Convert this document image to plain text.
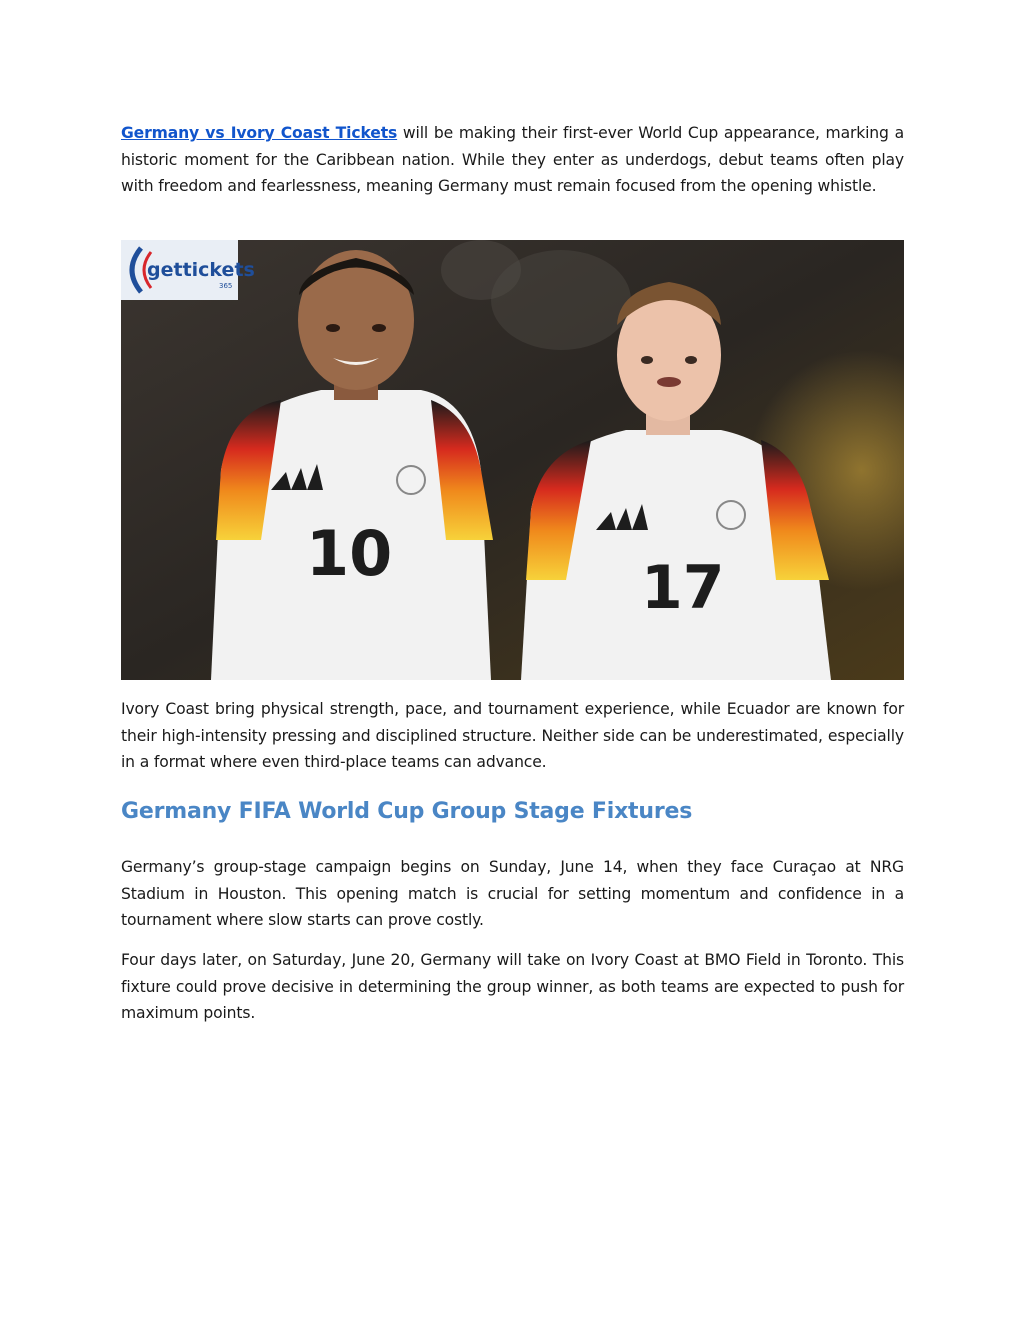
Germany vs Ivory Coast Tickets will be making their first-ever World Cup appearance, marking a historic moment for the Caribbean nation. While they enter as underdogs, debut teams often play with freedom and fearlessness, meaning Germany must remain focused from the opening whistle.

10	17
gettickets
365

Ivory Coast bring physical strength, pace, and tournament experience, while Ecuador are known for their high-intensity pressing and disciplined structure. Neither side can be underestimated, especially in a format where even third-place teams can advance.

Germany FIFA World Cup Group Stage Fixtures

Germany’s group-stage campaign begins on Sunday, June 14, when they face Curaçao at NRG Stadium in Houston. This opening match is crucial for setting momentum and confidence in a tournament where slow starts can prove costly.

Four days later, on Saturday, June 20, Germany will take on Ivory Coast at BMO Field in Toronto. This fixture could prove decisive in determining the group winner, as both teams are expected to push for maximum points.
